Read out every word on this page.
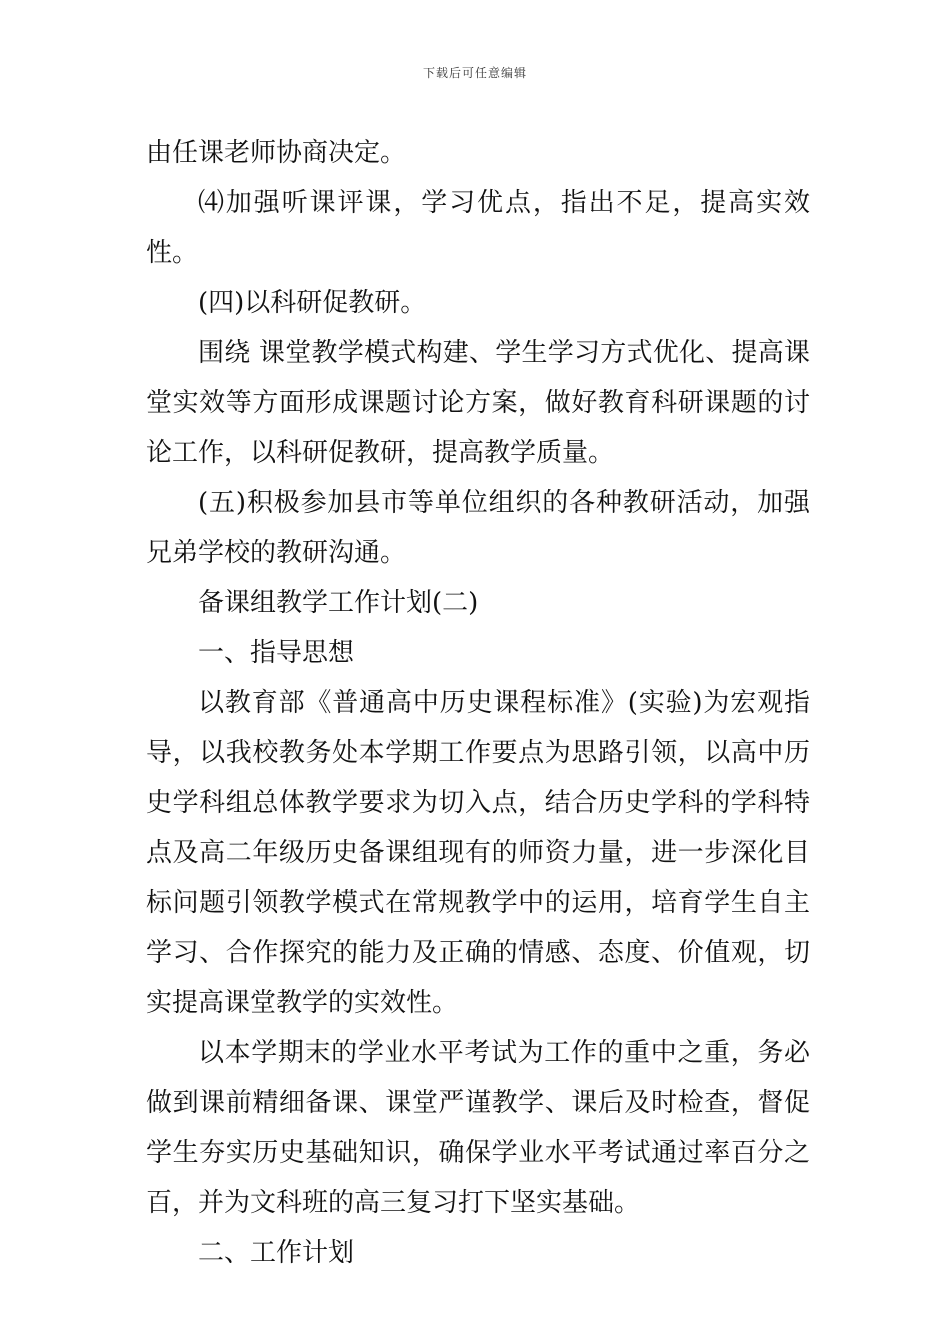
下载后可任意编辑

由任课老师协商决定。

⑷加强听课评课，学习优点，指出不足，提高实效性。

(四)以科研促教研。

围绕 课堂教学模式构建、学生学习方式优化、提高课堂实效等方面形成课题讨论方案，做好教育科研课题的讨论工作，以科研促教研，提高教学质量。

(五)积极参加县市等单位组织的各种教研活动，加强兄弟学校的教研沟通。

备课组教学工作计划(二)

一、指导思想

以教育部《普通高中历史课程标准》(实验)为宏观指导，以我校教务处本学期工作要点为思路引领，以高中历史学科组总体教学要求为切入点，结合历史学科的学科特点及高二年级历史备课组现有的师资力量，进一步深化目标问题引领教学模式在常规教学中的运用，培育学生自主学习、合作探究的能力及正确的情感、态度、价值观，切实提高课堂教学的实效性。

以本学期末的学业水平考试为工作的重中之重，务必做到课前精细备课、课堂严谨教学、课后及时检查，督促学生夯实历史基础知识，确保学业水平考试通过率百分之百，并为文科班的高三复习打下坚实基础。

二、工作计划
